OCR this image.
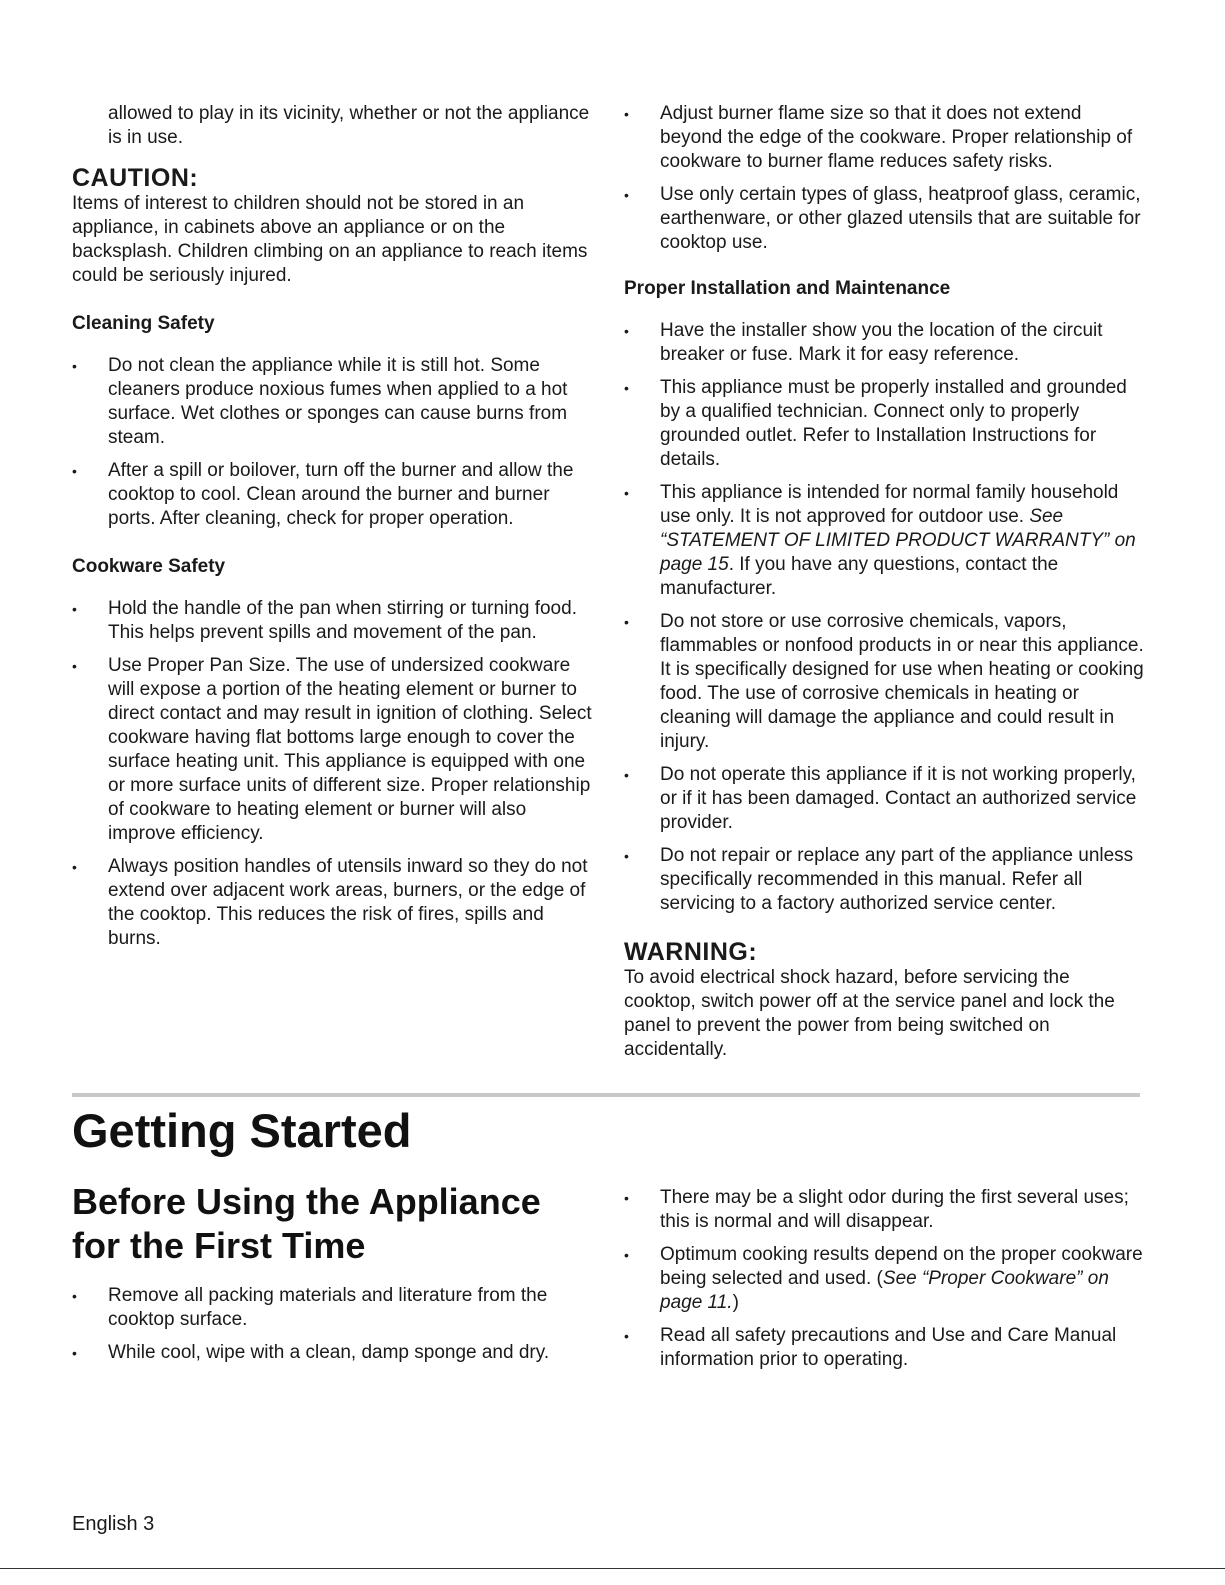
allowed to play in its vicinity, whether or not the appliance is in use.

CAUTION:

Items of interest to children should not be stored in an appliance, in cabinets above an appliance or on the backsplash. Children climbing on an appliance to reach items could be seriously injured.

Cleaning Safety

• Do not clean the appliance while it is still hot. Some cleaners produce noxious fumes when applied to a hot surface. Wet clothes or sponges can cause burns from steam.
• After a spill or boilover, turn off the burner and allow the cooktop to cool. Clean around the burner and burner ports. After cleaning, check for proper operation.

Cookware Safety

• Hold the handle of the pan when stirring or turning food. This helps prevent spills and movement of the pan.
• Use Proper Pan Size. The use of undersized cookware will expose a portion of the heating element or burner to direct contact and may result in ignition of clothing. Select cookware having flat bottoms large enough to cover the surface heating unit. This appliance is equipped with one or more surface units of different size. Proper relationship of cookware to heating element or burner will also improve efficiency.
• Always position handles of utensils inward so they do not extend over adjacent work areas, burners, or the edge of the cooktop. This reduces the risk of fires, spills and burns.
• Adjust burner flame size so that it does not extend beyond the edge of the cookware. Proper relationship of cookware to burner flame reduces safety risks.
• Use only certain types of glass, heatproof glass, ceramic, earthenware, or other glazed utensils that are suitable for cooktop use.

Proper Installation and Maintenance

• Have the installer show you the location of the circuit breaker or fuse. Mark it for easy reference.
• This appliance must be properly installed and grounded by a qualified technician. Connect only to properly grounded outlet. Refer to Installation Instructions for details.
• This appliance is intended for normal family household use only. It is not approved for outdoor use. See “STATEMENT OF LIMITED PRODUCT WARRANTY” on page 15. If you have any questions, contact the manufacturer.
• Do not store or use corrosive chemicals, vapors, flammables or nonfood products in or near this appliance. It is specifically designed for use when heating or cooking food. The use of corrosive chemicals in heating or cleaning will damage the appliance and could result in injury.
• Do not operate this appliance if it is not working properly, or if it has been damaged. Contact an authorized service provider.
• Do not repair or replace any part of the appliance unless specifically recommended in this manual. Refer all servicing to a factory authorized service center.

WARNING:

To avoid electrical shock hazard, before servicing the cooktop, switch power off at the service panel and lock the panel to prevent the power from being switched on accidentally.

Getting Started
Before Using the Appliance for the First Time
• Remove all packing materials and literature from the cooktop surface.
• While cool, wipe with a clean, damp sponge and dry.
• There may be a slight odor during the first several uses; this is normal and will disappear.
• Optimum cooking results depend on the proper cookware being selected and used. (See “Proper Cookware” on page 11.)
• Read all safety precautions and Use and Care Manual information prior to operating.

English 3
